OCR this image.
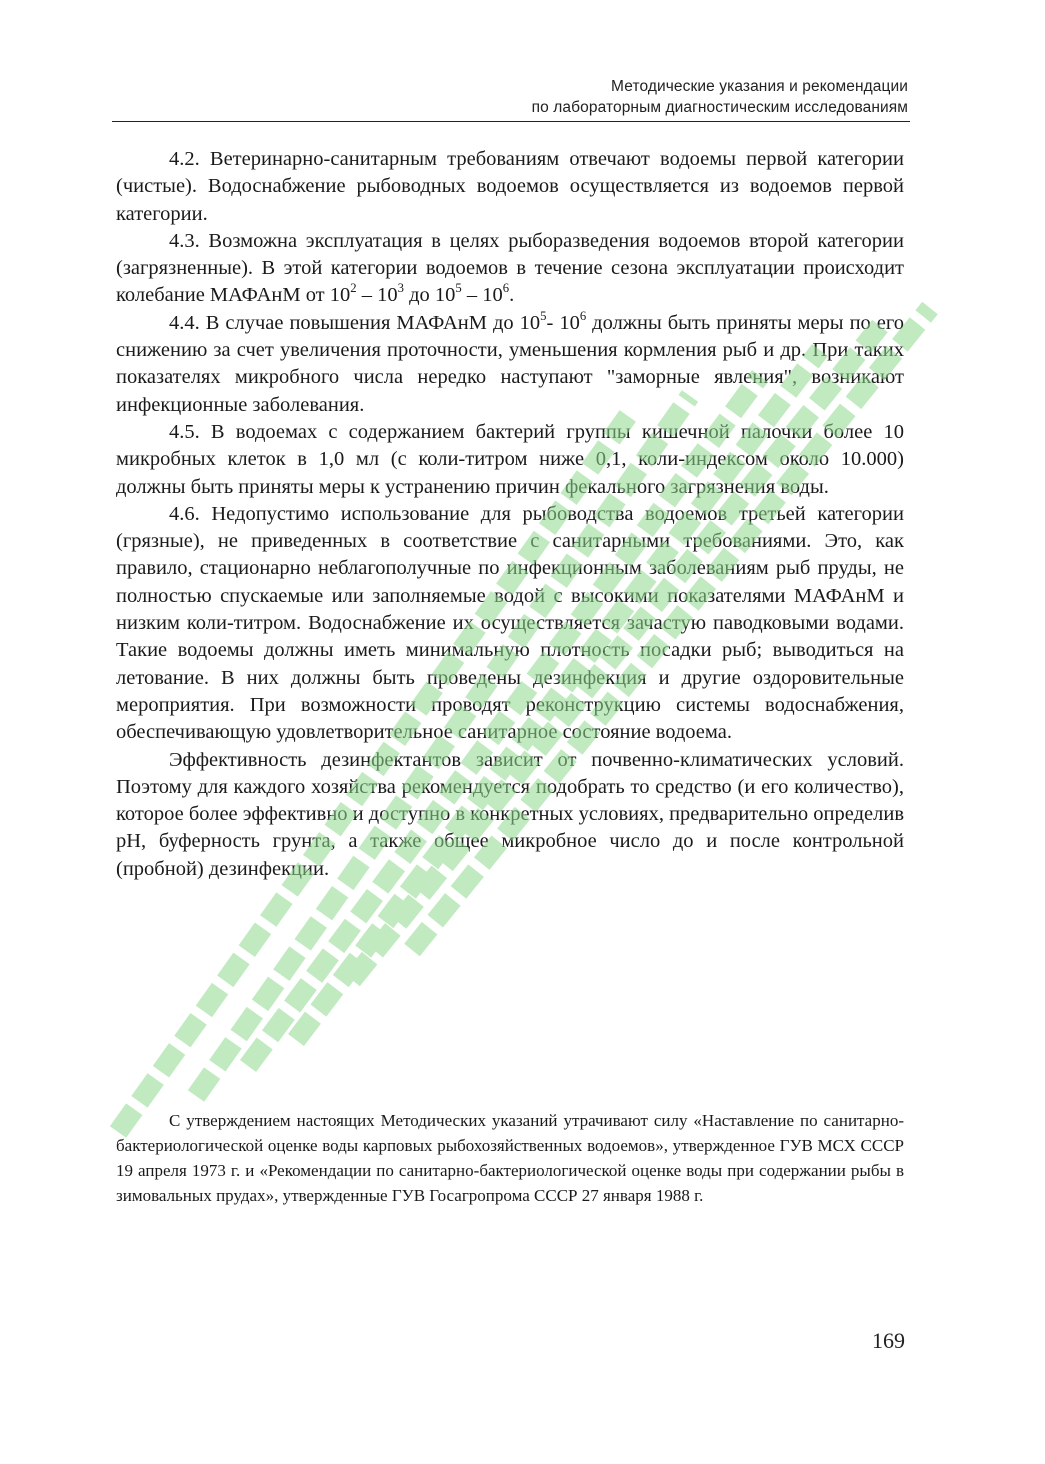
Методические указания и рекомендации
по лабораторным диагностическим исследованиям

4.2. Ветеринарно-санитарным требованиям отвечают водоемы первой категории (чистые). Водоснабжение рыбоводных водоемов осуществляется из водоемов первой категории.

4.3. Возможна эксплуатация в целях рыборазведения водоемов второй категории (загрязненные). В этой категории водоемов в течение сезона эксплуатации происходит колебание МАФАнМ от $10^2 - 10^3$ до $10^5 - 10^6$.

4.4. В случае повышения МАФАнМ до $10^5-$ $10^6$ должны быть приняты меры по его снижению за счет увеличения проточности, уменьшения кормления рыб и др. При таких показателях микробного числа нередко наступают "заморные явления", возникают инфекционные заболевания.

4.5. В водоемах с содержанием бактерий группы кишечной палочки более 10 микробных клеток в 1,0 мл (с коли-титром ниже 0,1, коли-индексом около 10.000) должны быть приняты меры к устранению причин фекального загрязнения воды.

4.6. Недопустимо использование для рыбоводства водоемов третьей категории (грязные), не приведенных в соответствие с санитарными требованиями. Это, как правило, стационарно неблагополучные по инфекционным заболеваниям рыб пруды, не полностью спускаемые или заполняемые водой с высокими показателями МАФАнМ и низким коли-титром. Водоснабжение их осуществляется зачастую паводковыми водами. Такие водоемы должны иметь минимальную плотность посадки рыб; выводиться на летование. В них должны быть проведены дезинфекция и другие оздоровительные мероприятия. При возможности проводят реконструкцию системы водоснабжения, обеспечивающую удовлетворительное санитарное состояние водоема.

Эффективность дезинфектантов зависит от почвенно-климатических условий. Поэтому для каждого хозяйства рекомендуется подобрать то средство (и его количество), которое более эффективно и доступно в конкретных условиях, предварительно определив рН, буферность грунта, а также общее микробное число до и после контрольной (пробной) дезинфекции.

С утверждением настоящих Методических указаний утрачивают силу «Наставление по санитарно-бактериологической оценке воды карповых рыбохозяйственных водоемов», утвержденное ГУВ МСХ СССР 19 апреля 1973 г. и «Рекомендации по санитарно-бактериологической оценке воды при содержании рыбы в зимовальных прудах», утвержденные ГУВ Госагропрома СССР 27 января 1988 г.

169
